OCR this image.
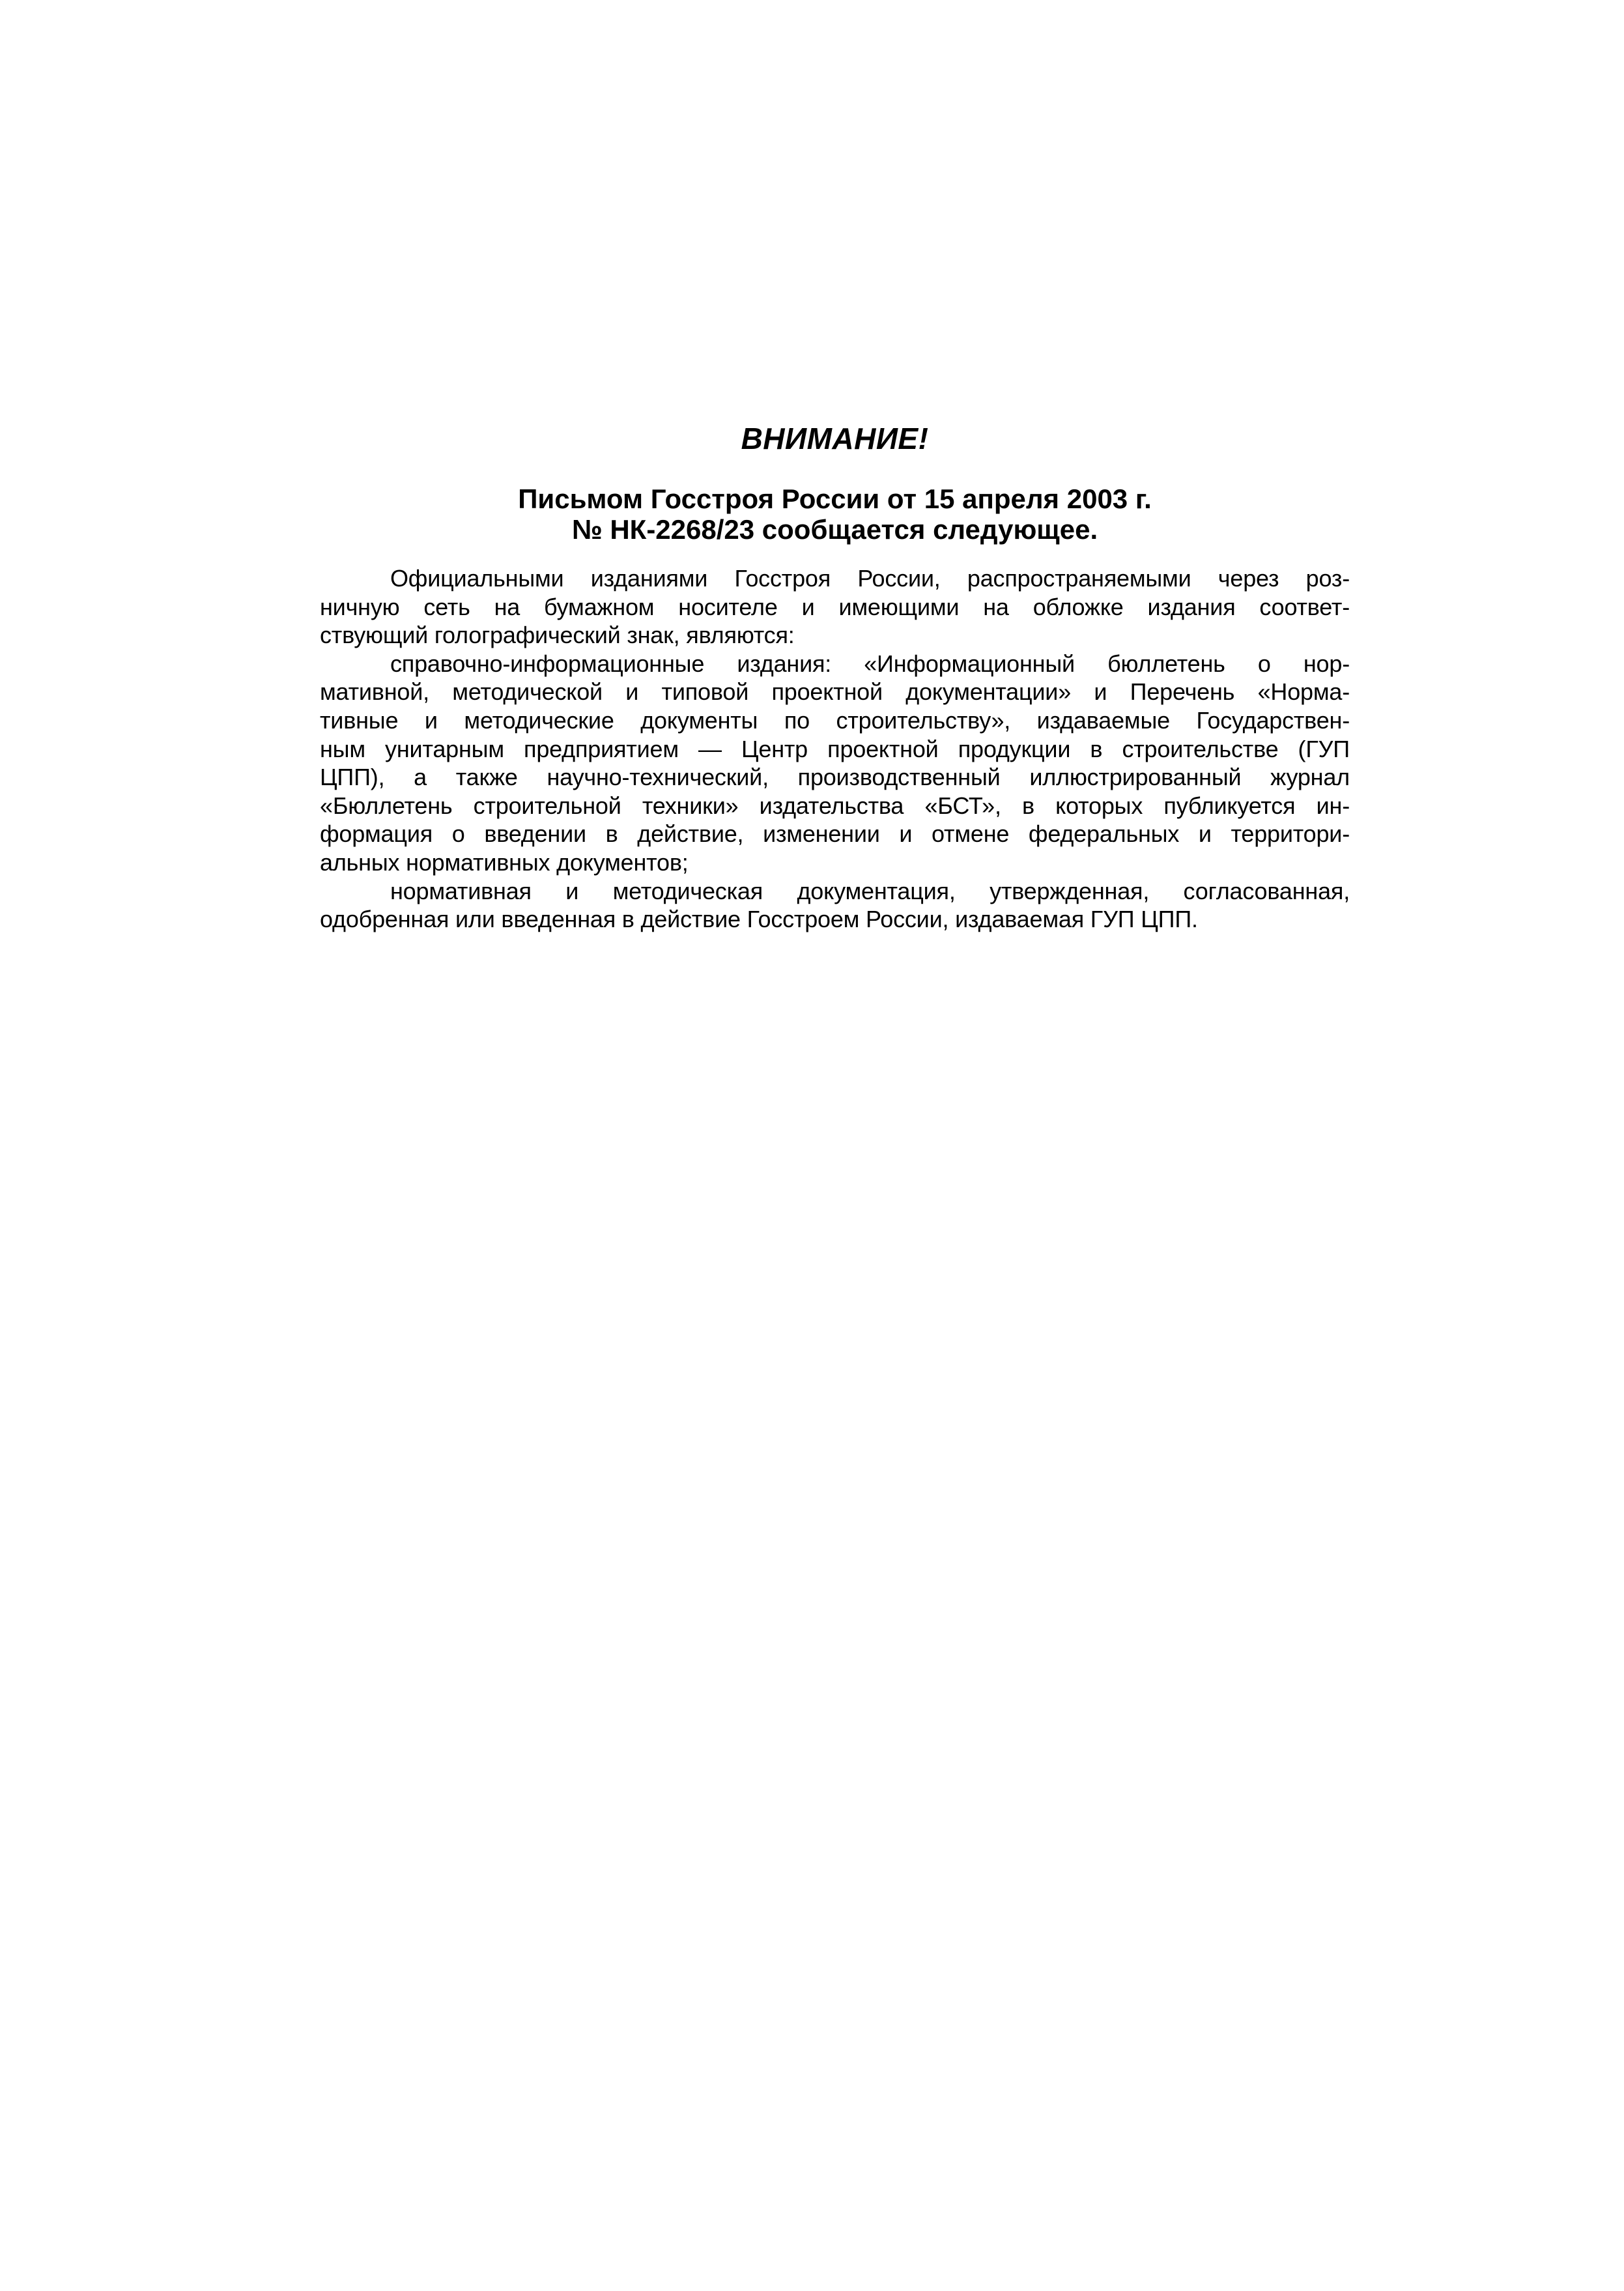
ВНИМАНИЕ!
Письмом Госстроя России от 15 апреля 2003 г.
№ НК-2268/23 сообщается следующее.
Официальными изданиями Госстроя России, распространяемыми через роз-
ничную сеть на бумажном носителе и имеющими на обложке издания соответ-
ствующий голографический знак, являются:
справочно-информационные издания: «Информационный бюллетень о нор-
мативной, методической и типовой проектной документации» и Перечень «Норма-
тивные и методические документы по строительству», издаваемые Государствен-
ным унитарным предприятием — Центр проектной продукции в строительстве (ГУП
ЦПП), а также научно-технический, производственный иллюстрированный журнал
«Бюллетень строительной техники» издательства «БСТ», в которых публикуется ин-
формация о введении в действие, изменении и отмене федеральных и территори-
альных нормативных документов;
нормативная и методическая документация, утвержденная, согласованная,
одобренная или введенная в действие Госстроем России, издаваемая ГУП ЦПП.
